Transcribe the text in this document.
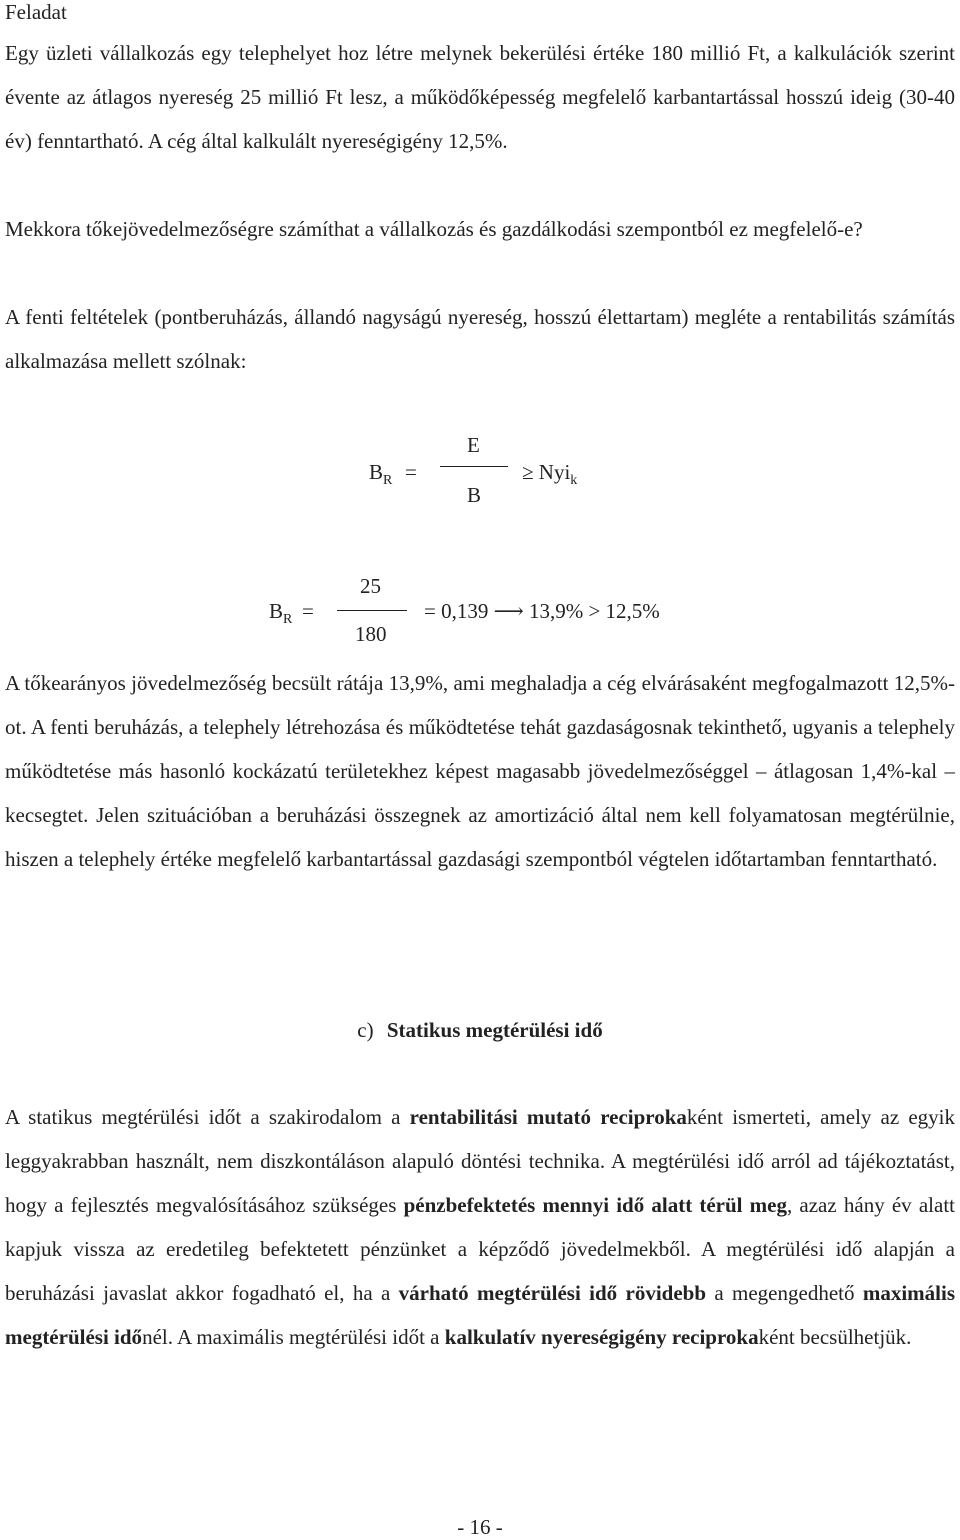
Feladat

Egy üzleti vállalkozás egy telephelyet hoz létre melynek bekerülési értéke 180 millió Ft, a kalkulációk szerint évente az átlagos nyereség 25 millió Ft lesz, a működőképesség megfelelő karbantartással hosszú ideig (30-40 év) fenntartható. A cég által kalkulált nyereségigény 12,5%.

Mekkora tőkejövedelmezőségre számíthat a vállalkozás és gazdálkodási szempontból ez megfelelő-e?

A fenti feltételek (pontberuházás, állandó nagyságú nyereség, hosszú élettartam) megléte a rentabilitás számítás alkalmazása mellett szólnak:

$B_R$ =
E
B
≥ Nyi$_k$
$B_R$ =
25
180
= 0,139 ⟶ 13,9% > 12,5%

A tőkearányos jövedelmezőség becsült rátája 13,9%, ami meghaladja a cég elvárásaként megfogalmazott 12,5%-ot. A fenti beruházás, a telephely létrehozása és működtetése tehát gazdaságosnak tekinthető, ugyanis a telephely működtetése más hasonló kockázatú területekhez képest magasabb jövedelmezőséggel – átlagosan 1,4%-kal – kecsegtet. Jelen szituációban a beruházási összegnek az amortizáció által nem kell folyamatosan megtérülnie, hiszen a telephely értéke megfelelő karbantartással gazdasági szempontból végtelen időtartamban fenntartható.

c) Statikus megtérülési idő

A statikus megtérülési időt a szakirodalom a rentabilitási mutató reciprokaként ismerteti, amely az egyik leggyakrabban használt, nem diszkontáláson alapuló döntési technika. A megtérülési idő arról ad tájékoztatást, hogy a fejlesztés megvalósításához szükséges pénzbefektetés mennyi idő alatt térül meg, azaz hány év alatt kapjuk vissza az eredetileg befektetett pénzünket a képződő jövedelmekből. A megtérülési idő alapján a beruházási javaslat akkor fogadható el, ha a várható megtérülési idő rövidebb a megengedhető maximális megtérülési időnél. A maximális megtérülési időt a kalkulatív nyereségigény reciprokaként becsülhetjük.

- 16 -
